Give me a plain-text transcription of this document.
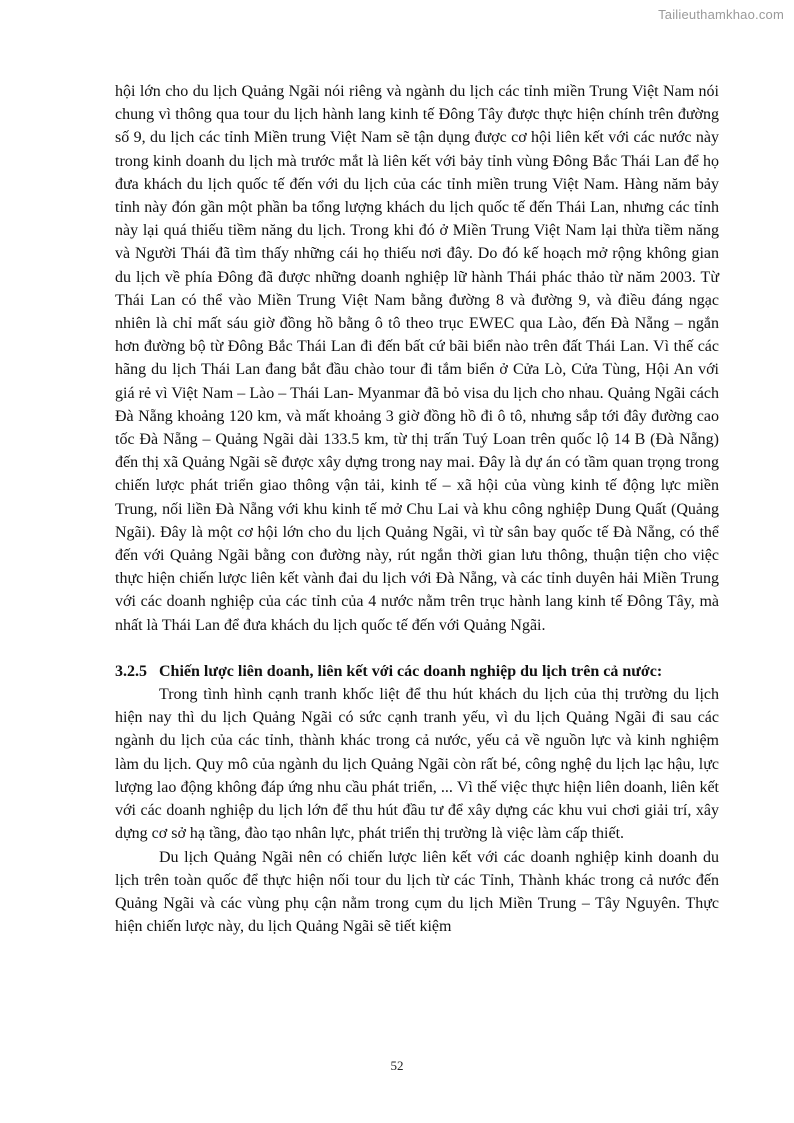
Tailieuthamkhao.com

hội lớn cho du lịch Quảng Ngãi nói riêng và ngành du lịch các tỉnh miền Trung Việt Nam nói chung vì thông qua tour du lịch hành lang kinh tế Đông Tây được thực hiện chính trên đường số 9, du lịch các tỉnh Miền trung Việt Nam sẽ tận dụng được cơ hội liên kết với các nước này trong kinh doanh du lịch mà trước mắt là liên kết với bảy tỉnh vùng Đông Bắc Thái Lan để họ đưa khách du lịch quốc tế đến với du lịch của các tỉnh miền trung Việt Nam. Hàng năm bảy tỉnh này đón gần một phần ba tổng lượng khách du lịch quốc tế đến Thái Lan, nhưng các tỉnh này lại quá thiếu tiềm năng du lịch. Trong khi đó ở Miền Trung Việt Nam lại thừa tiềm năng và Người Thái đã tìm thấy những cái họ thiếu nơi đây. Do đó kế hoạch mở rộng không gian du lịch về phía Đông đã được những doanh nghiệp lữ hành Thái phác thảo từ năm 2003. Từ Thái Lan có thể vào Miền Trung Việt Nam bằng đường 8 và đường 9, và điều đáng ngạc nhiên là chỉ mất sáu giờ đồng hồ bằng ô tô theo trục EWEC qua Lào, đến Đà Nẵng – ngắn hơn đường bộ từ Đông Bắc Thái Lan đi đến bất cứ bãi biển nào trên đất Thái Lan. Vì thế các hãng du lịch Thái Lan đang bắt đầu chào tour đi tắm biển ở Cửa Lò, Cửa Tùng, Hội An với giá rẻ vì Việt Nam – Lào – Thái Lan- Myanmar đã bỏ visa du lịch cho nhau. Quảng Ngãi cách Đà Nẵng khoảng 120 km, và mất khoảng 3 giờ đồng hồ đi ô tô, nhưng sắp tới đây đường cao tốc Đà Nẵng – Quảng Ngãi dài 133.5 km, từ thị trấn Tuý Loan trên quốc lộ 14 B (Đà Nẵng) đến thị xã Quảng Ngãi sẽ được xây dựng trong nay mai. Đây là dự án có tầm quan trọng trong chiến lược phát triển giao thông vận tải, kinh tế – xã hội của vùng kinh tế động lực miền Trung, nối liền Đà Nẵng với khu kinh tế mở Chu Lai và khu công nghiệp Dung Quất (Quảng Ngãi). Đây là một cơ hội lớn cho du lịch Quảng Ngãi, vì từ sân bay quốc tế Đà Nẵng, có thể đến với Quảng Ngãi bằng con đường này, rút ngắn thời gian lưu thông, thuận tiện cho việc thực hiện chiến lược liên kết vành đai du lịch với Đà Nẵng, và các tỉnh duyên hải Miền Trung với các doanh nghiệp của các tỉnh của 4 nước nằm trên trục hành lang kinh tế Đông Tây, mà nhất là Thái Lan để đưa khách du lịch quốc tế đến với Quảng Ngãi.

3.2.5 Chiến lược liên doanh, liên kết với các doanh nghiệp du lịch trên cả nước:

Trong tình hình cạnh tranh khốc liệt để thu hút khách du lịch của thị trường du lịch hiện nay thì du lịch Quảng Ngãi có sức cạnh tranh yếu, vì du lịch Quảng Ngãi đi sau các ngành du lịch của các tỉnh, thành khác trong cả nước, yếu cả về nguồn lực và kinh nghiệm làm du lịch. Quy mô của ngành du lịch Quảng Ngãi còn rất bé, công nghệ du lịch lạc hậu, lực lượng lao động không đáp ứng nhu cầu phát triển, ... Vì thế việc thực hiện liên doanh, liên kết với các doanh nghiệp du lịch lớn để thu hút đầu tư để xây dựng các khu vui chơi giải trí, xây dựng cơ sở hạ tầng, đào tạo nhân lực, phát triển thị trường là việc làm cấp thiết.

Du lịch Quảng Ngãi nên có chiến lược liên kết với các doanh nghiệp kinh doanh du lịch trên toàn quốc để thực hiện nối tour du lịch từ các Tỉnh, Thành khác trong cả nước đến Quảng Ngãi và các vùng phụ cận nằm trong cụm du lịch Miền Trung – Tây Nguyên. Thực hiện chiến lược này, du lịch Quảng Ngãi sẽ tiết kiệm

52
